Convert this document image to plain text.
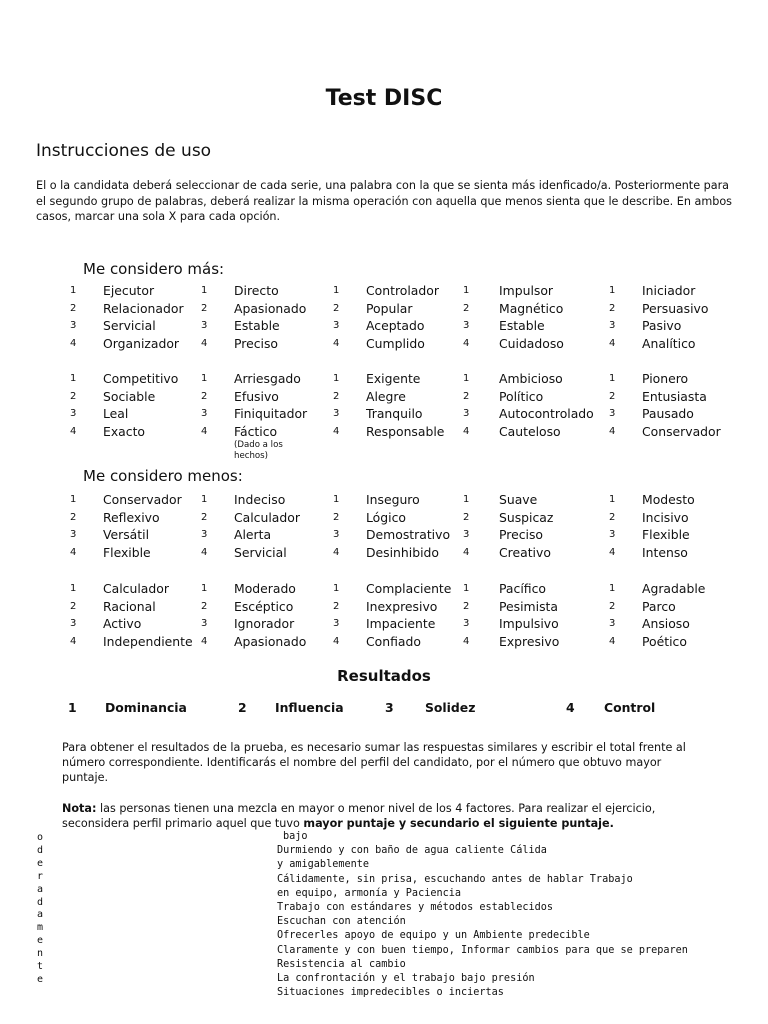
Test DISC
Instrucciones de uso
El o la candidata deberá seleccionar de cada serie, una palabra con la que se sienta más idenficado/a. Posteriormente para el segundo grupo de palabras, deberá realizar la misma operación con aquella que menos sienta que le describe. En ambos casos, marcar una sola X para cada opción.
Me considero más:
1 Ejecutor	1 Directo	1 Controlador 1 Impulsor	1 Iniciador
2 Relacionador 2 Apasionado	2 Popular	2 Magnético	2 Persuasivo
3 Servicial	3 Estable	3 Aceptado	3 Estable	3 Pasivo
4 Organizador 4 Preciso	4 Cumplido	4 Cuidadoso	4 Analítico
1 Competitivo 1 Arriesgado	1 Exigente	1 Ambicioso	1 Pionero
2 Sociable	2 Efusivo	2 Alegre	2 Político	2 Entusiasta
3 Leal	3 Finiquitador	3 Tranquilo	3 Autocontrolado 3 Pausado
4 Exacto	4 Fáctico	4 Responsable 4 Cauteloso	4 Conservador
(Dado a los hechos)
Me considero menos:
1 Conservador 1 Indeciso	1 Inseguro	1 Suave	1 Modesto
2 Reflexivo	2 Calculador	2 Lógico	2 Suspicaz	2 Incisivo
3 Versátil	3 Alerta	3 Demostrativo 3 Preciso	3 Flexible
4 Flexible	4 Servicial	4 Desinhibido 4 Creativo	4 Intenso
1 Calculador	1 Moderado	1 Complaciente 1 Pacífico	1 Agradable
2 Racional	2 Escéptico	2 Inexpresivo	2 Pesimista	2 Parco
3 Activo	3 Ignorador	3 Impaciente	3 Impulsivo	3 Ansioso
4 Independiente 4 Apasionado	4 Confiado	4 Expresivo	4 Poético
Resultados
1 Dominancia	2 Influencia	3	Solidez	4 Control
Para obtener el resultados de la prueba, es necesario sumar las respuestas similares y escribir el total frente al número correspondiente. Identificarás el nombre del perfil del candidato, por el número que obtuvo mayor puntaje.
Nota: las personas tienen una mezcla en mayor o menor nivel de los 4 factores. Para realizar el ejercicio, seconsidera perfil primario aquel que tuvo mayor puntaje y secundario el siguiente puntaje.
o
d
e
r
a
d
a
m
e
n
t
e
bajo
Durmiendo y con baño de agua caliente Cálida
y amigablemente
Cálidamente, sin prisa, escuchando antes de hablar Trabajo
en equipo, armonía y Paciencia
Trabajo con estándares y métodos establecidos
Escuchan con atención
Ofrecerles apoyo de equipo y un Ambiente predecible
Claramente y con buen tiempo, Informar cambios para que se preparen
Resistencia al cambio
La confrontación y el trabajo bajo presión
Situaciones impredecibles o inciertas
